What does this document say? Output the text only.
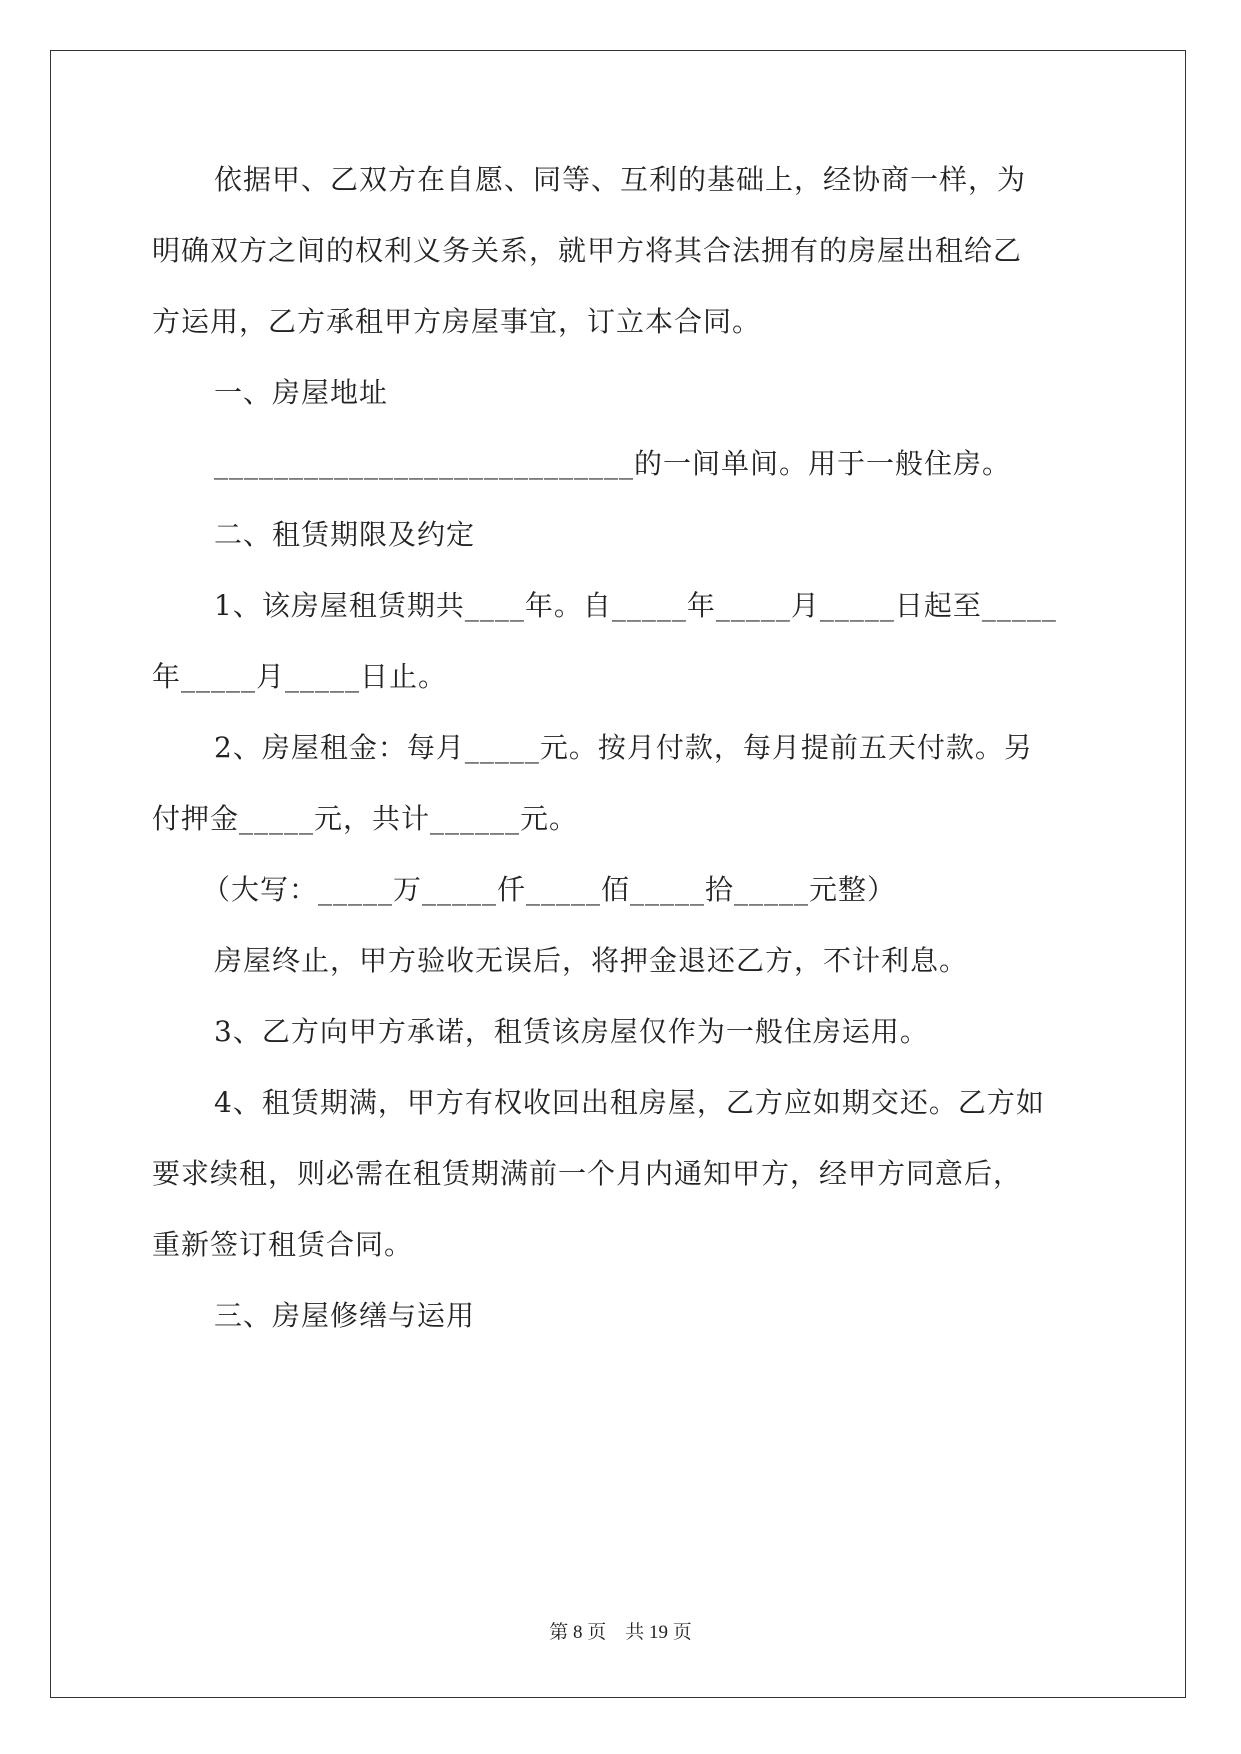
依据甲、乙双方在自愿、同等、互利的基础上，经协商一样，为
明确双方之间的权利义务关系，就甲方将其合法拥有的房屋出租给乙
方运用，乙方承租甲方房屋事宜，订立本合同。
一、房屋地址
____________________________的一间单间。用于一般住房。
二、租赁期限及约定
1、该房屋租赁期共____年。自_____年_____月_____日起至_____
年_____月_____日止。
2、房屋租金：每月_____元。按月付款，每月提前五天付款。另
付押金_____元，共计______元。
（大写：_____万_____仟_____佰_____拾_____元整）
房屋终止，甲方验收无误后，将押金退还乙方，不计利息。
3、乙方向甲方承诺，租赁该房屋仅作为一般住房运用。
4、租赁期满，甲方有权收回出租房屋，乙方应如期交还。乙方如
要求续租，则必需在租赁期满前一个月内通知甲方，经甲方同意后，
重新签订租赁合同。
三、房屋修缮与运用
第 8 页　共 19 页
